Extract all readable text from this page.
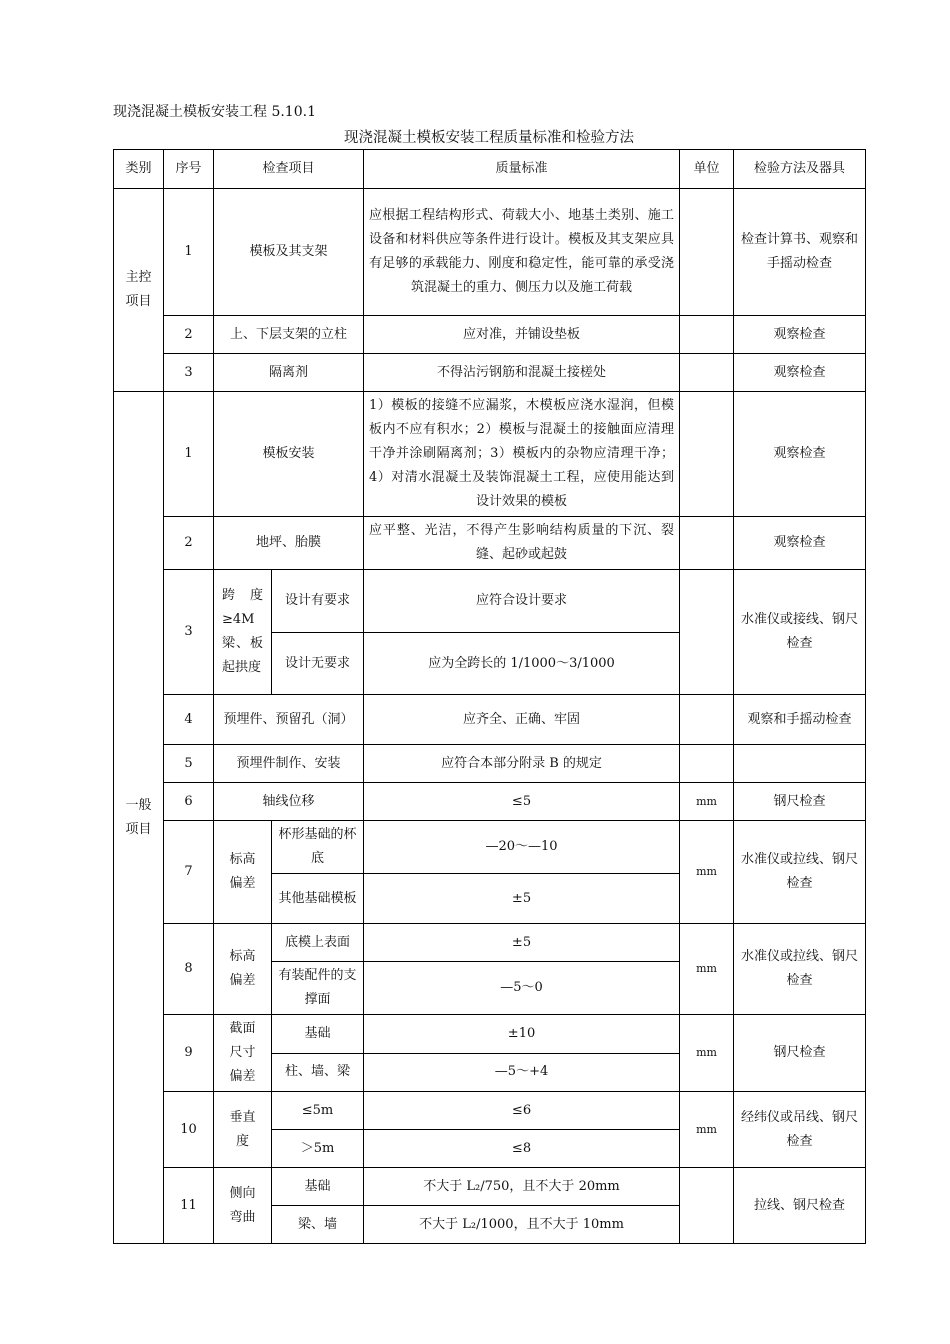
现浇混凝土模板安装工程 5.10.1
现浇混凝土模板安装工程质量标准和检验方法
类别	序号	检查项目		质量标准	单位	检验方法及器具
主控项目	1	模板及其支架		应根据工程结构形式、荷载大小、地基土类别、施工设备和材料供应等条件进行设计。模板及其支架应具有足够的承载能力、刚度和稳定性，能可靠的承受浇筑混凝土的重力、侧压力以及施工荷载		检查计算书、观察和手摇动检查
	2	上、下层支架的立柱		应对准，并铺设垫板		观察检查
	3	隔离剂		不得沾污钢筋和混凝土接槎处		观察检查
一般项目	1	模板安装		1）模板的接缝不应漏浆，木模板应浇水湿润，但模板内不应有积水；2）模板与混凝土的接触面应清理干净并涂刷隔离剂；3）模板内的杂物应清理干净；4）对清水混凝土及装饰混凝土工程，应使用能达到设计效果的模板		观察检查
	2	地坪、胎膜		应平整、光洁，不得产生影响结构质量的下沉、裂缝、起砂或起鼓		观察检查
	3	跨度≥4M梁、板起拱度	设计有要求	应符合设计要求		水准仪或接线、钢尺检查
			设计无要求	应为全跨长的 1/1000～3/1000		
	4	预埋件、预留孔（洞）		应齐全、正确、牢固		观察和手摇动检查
	5	预埋件制作、安装		应符合本部分附录 B 的规定		
	6	轴线位移		≤5	mm	钢尺检查
	7	标高偏差	杯形基础的杯底	—20～—10	mm	水准仪或拉线、钢尺检查
			其他基础模板	±5		
	8	标高偏差	底模上表面	±5	mm	水准仪或拉线、钢尺检查
			有装配件的支撑面	—5～0		
	9	截面尺寸偏差	基础	±10	mm	钢尺检查
			柱、墙、梁	—5～+4		
	10	垂直度	≤5m	≤6	mm	经纬仪或吊线、钢尺检查
			＞5m	≤8		
	11	侧向弯曲	基础	不大于 L₂/750，且不大于 20mm		拉线、钢尺检查
			梁、墙	不大于 L₂/1000，且不大于 10mm		
